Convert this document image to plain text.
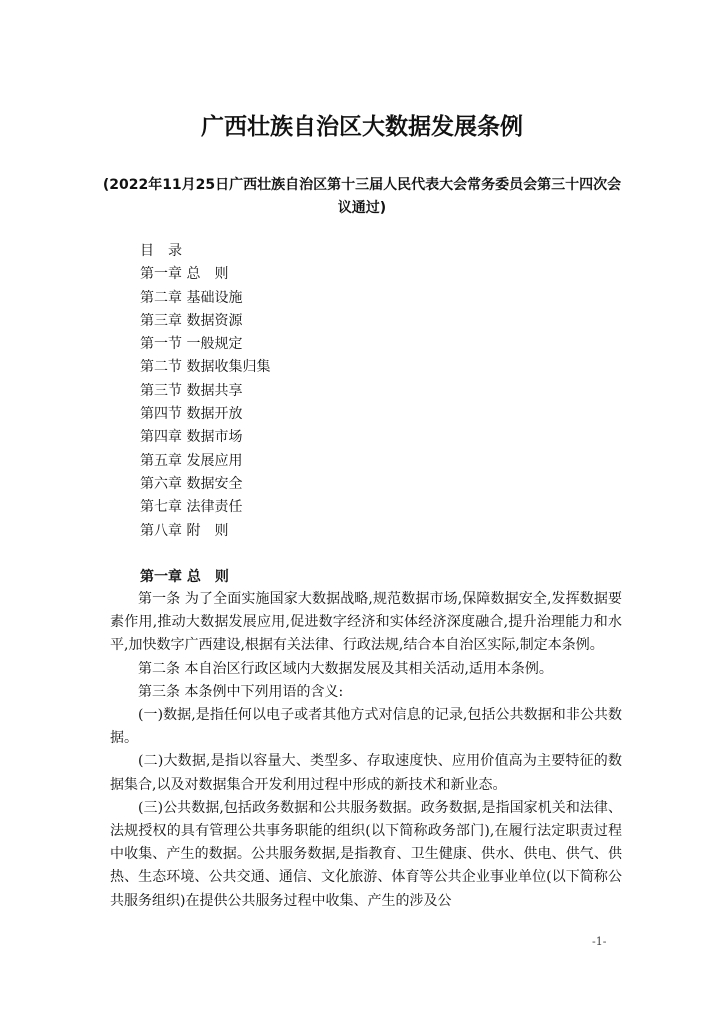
广西壮族自治区大数据发展条例
(2022年11月25日广西壮族自治区第十三届人民代表大会常务委员会第三十四次会议通过)
目　录
第一章 总　则
第二章 基础设施
第三章 数据资源
第一节 一般规定
第二节 数据收集归集
第三节 数据共享
第四节 数据开放
第四章 数据市场
第五章 发展应用
第六章 数据安全
第七章 法律责任
第八章 附　则
第一章 总　则

第一条 为了全面实施国家大数据战略,规范数据市场,保障数据安全,发挥数据要素作用,推动大数据发展应用,促进数字经济和实体经济深度融合,提升治理能力和水平,加快数字广西建设,根据有关法律、行政法规,结合本自治区实际,制定本条例。

第二条 本自治区行政区域内大数据发展及其相关活动,适用本条例。

第三条 本条例中下列用语的含义:

(一)数据,是指任何以电子或者其他方式对信息的记录,包括公共数据和非公共数据。

(二)大数据,是指以容量大、类型多、存取速度快、应用价值高为主要特征的数据集合,以及对数据集合开发利用过程中形成的新技术和新业态。

(三)公共数据,包括政务数据和公共服务数据。政务数据,是指国家机关和法律、法规授权的具有管理公共事务职能的组织(以下简称政务部门),在履行法定职责过程中收集、产生的数据。公共服务数据,是指教育、卫生健康、供水、供电、供气、供热、生态环境、公共交通、通信、文化旅游、体育等公共企业事业单位(以下简称公共服务组织)在提供公共服务过程中收集、产生的涉及公

-1-
